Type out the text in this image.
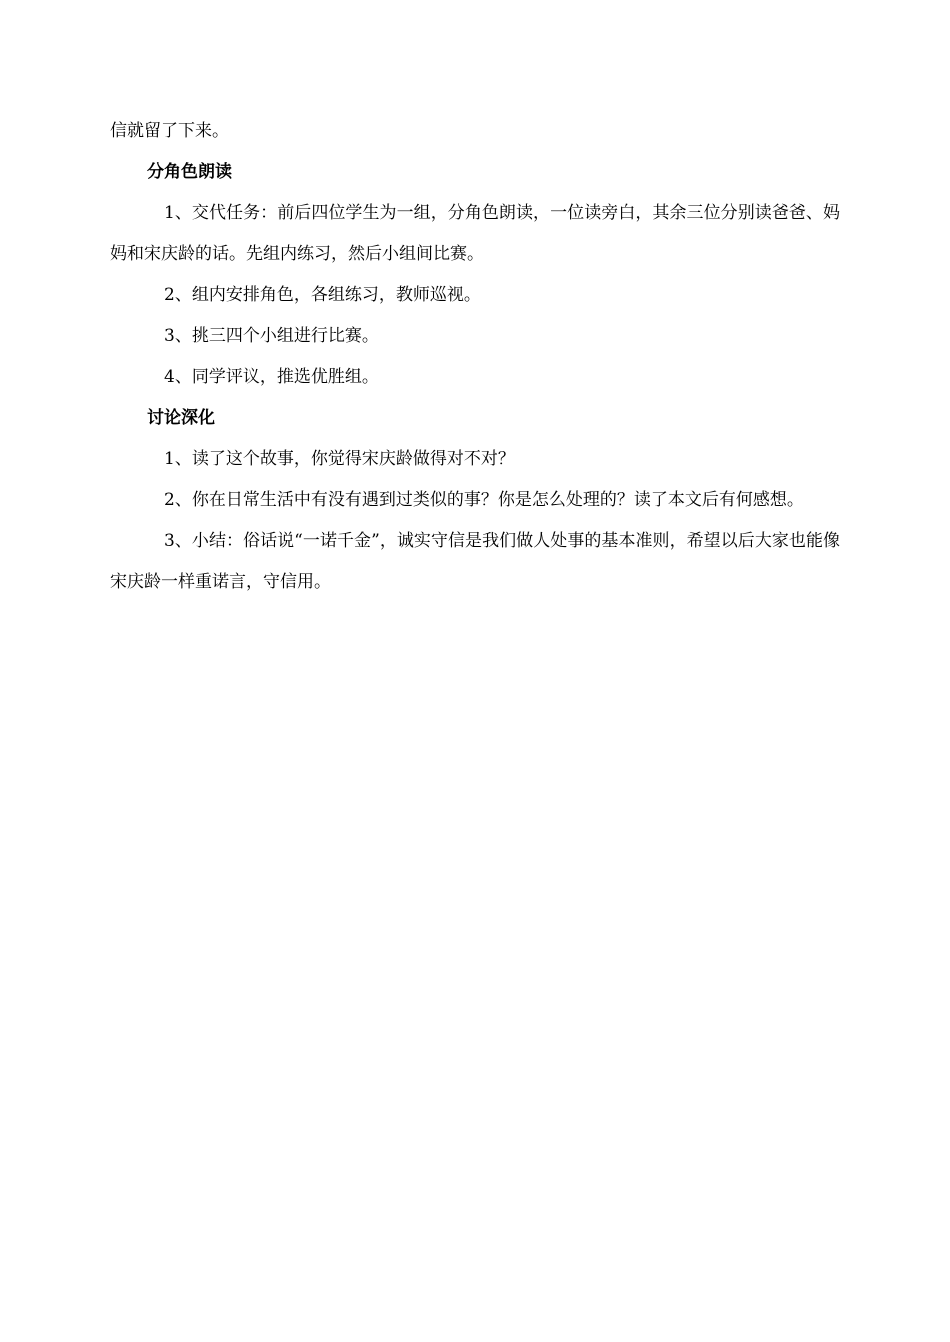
信就留了下来。

分角色朗读

1、交代任务：前后四位学生为一组，分角色朗读，一位读旁白，其余三位分别读爸爸、妈妈和宋庆龄的话。先组内练习，然后小组间比赛。

2、组内安排角色，各组练习，教师巡视。

3、挑三四个小组进行比赛。

4、同学评议，推选优胜组。

讨论深化

1、读了这个故事，你觉得宋庆龄做得对不对？

2、你在日常生活中有没有遇到过类似的事？你是怎么处理的？读了本文后有何感想。

3、小结：俗话说“一诺千金”，诚实守信是我们做人处事的基本准则，希望以后大家也能像宋庆龄一样重诺言，守信用。
